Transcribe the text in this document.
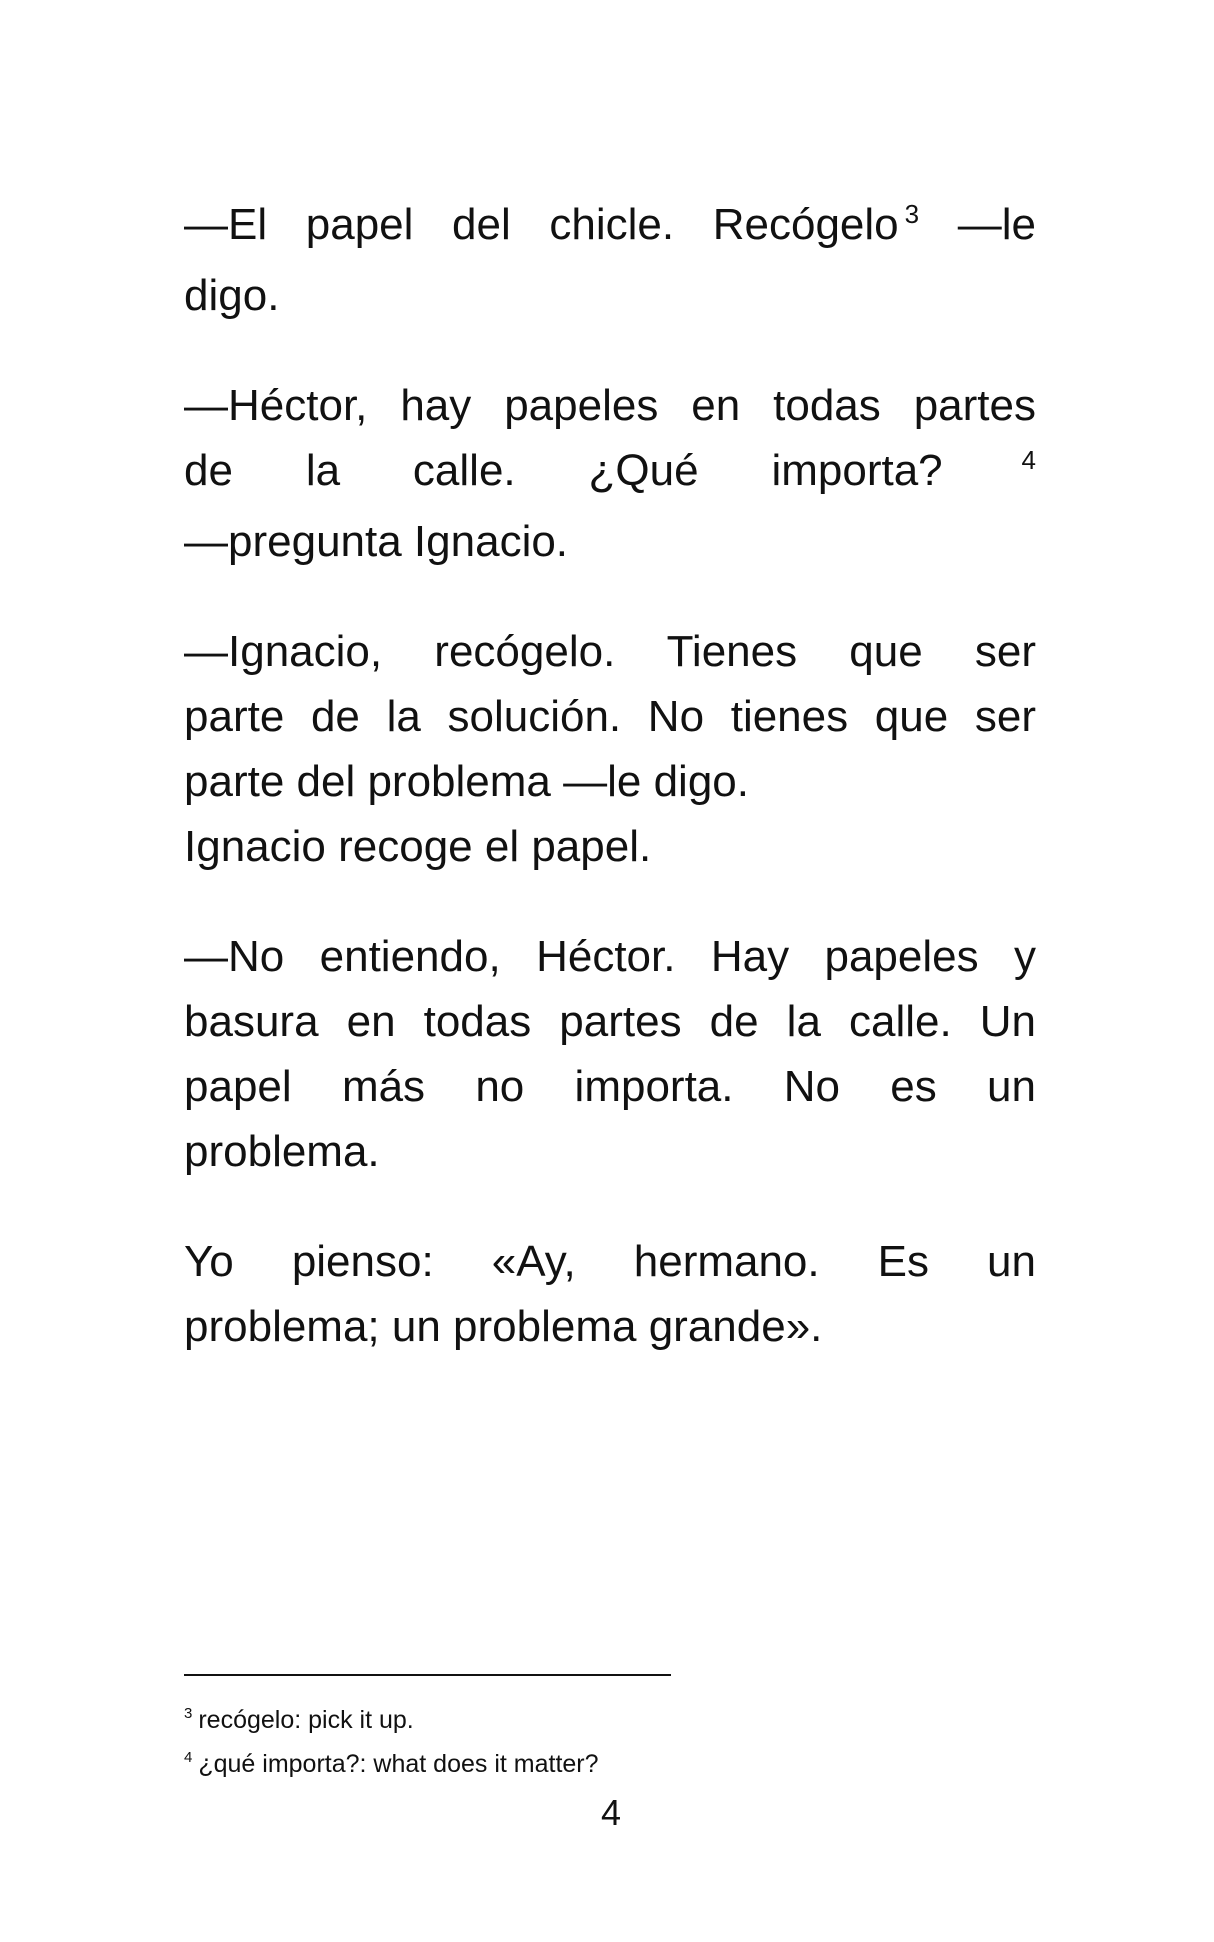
—El papel del chicle. Recógelo $^3$ —le
digo.

—Héctor, hay papeles en todas partes
de la calle. ¿Qué importa?	$^4$
—pregunta Ignacio.

—Ignacio, recógelo. Tienes que ser
parte de la solución. No tienes que ser
parte del problema —le digo.
Ignacio recoge el papel.

—No entiendo, Héctor. Hay papeles y
basura en todas partes de la calle. Un
papel más no importa. No es un
problema.

Yo pienso: «Ay, hermano. Es un
problema; un problema grande».

$^3$ recógelo: pick it up.
$^4$ ¿qué importa?: what does it matter?
4
